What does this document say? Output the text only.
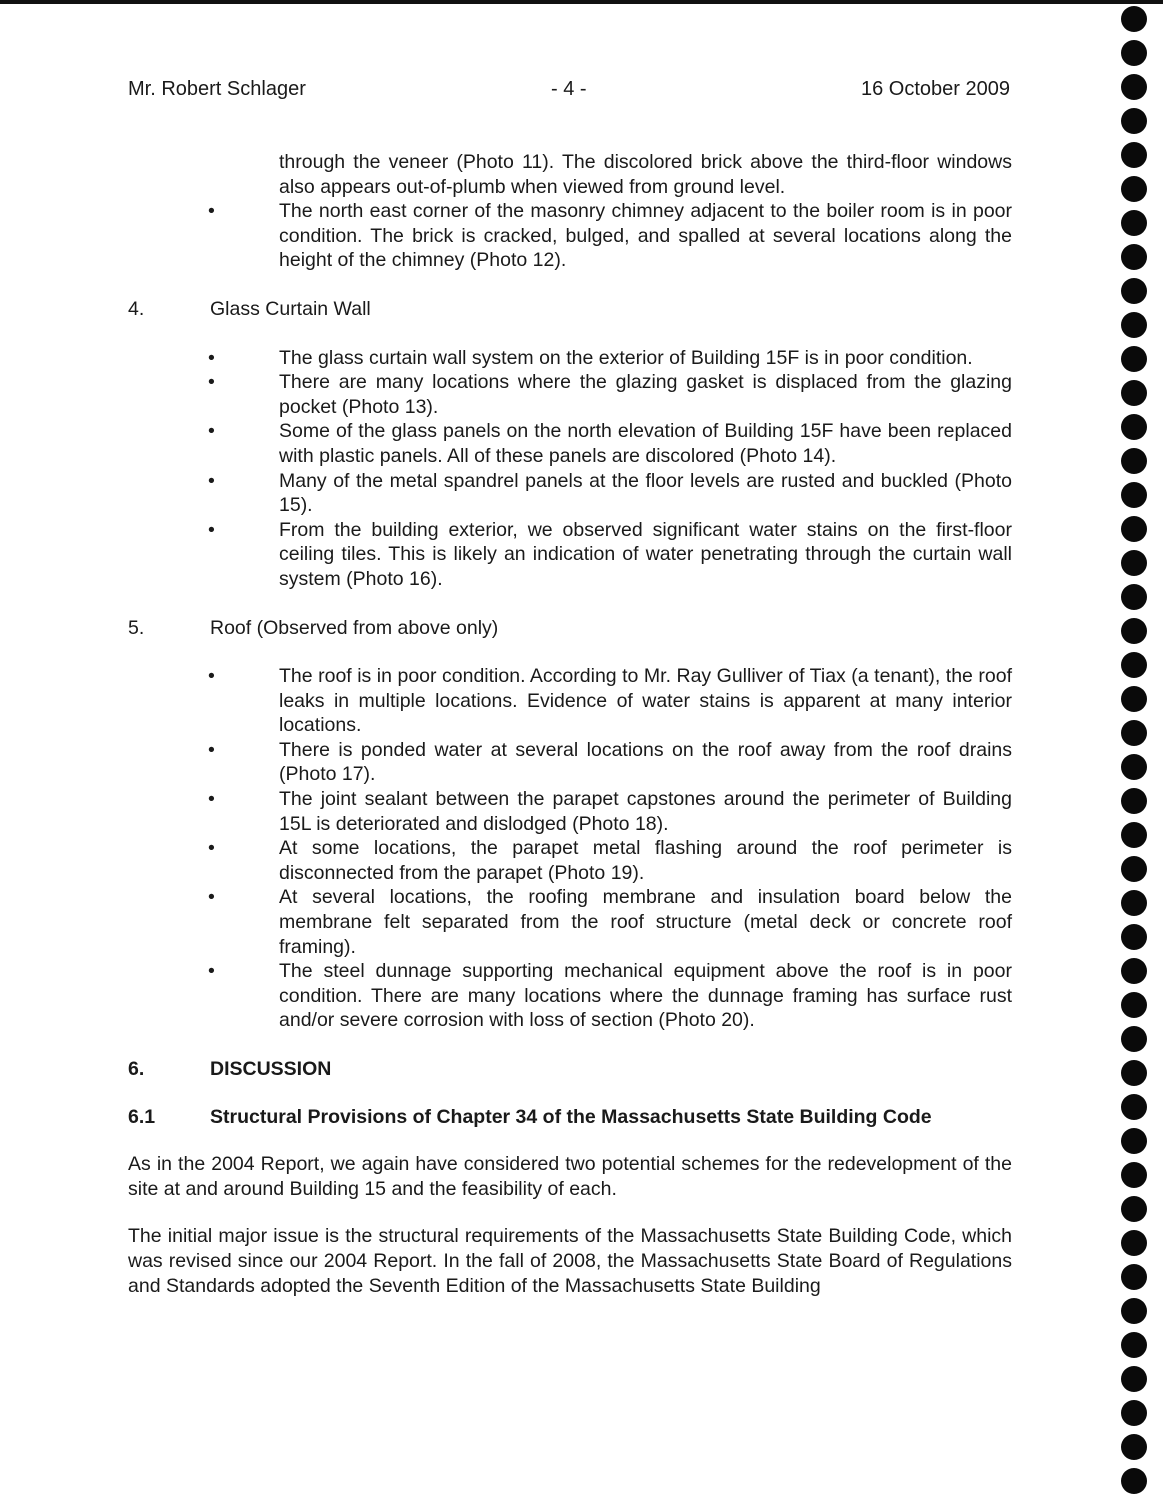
Mr. Robert Schlager	- 4 -	16 October 2009
through the veneer (Photo 11). The discolored brick above the third-floor windows also appears out-of-plumb when viewed from ground level.
•	The north east corner of the masonry chimney adjacent to the boiler room is in poor condition. The brick is cracked, bulged, and spalled at several locations along the height of the chimney (Photo 12).
4.	Glass Curtain Wall
•	The glass curtain wall system on the exterior of Building 15F is in poor condition.
•	There are many locations where the glazing gasket is displaced from the glazing pocket (Photo 13).
•	Some of the glass panels on the north elevation of Building 15F have been replaced with plastic panels. All of these panels are discolored (Photo 14).
•	Many of the metal spandrel panels at the floor levels are rusted and buckled (Photo 15).
•	From the building exterior, we observed significant water stains on the first-floor ceiling tiles. This is likely an indication of water penetrating through the curtain wall system (Photo 16).
5.	Roof (Observed from above only)
•	The roof is in poor condition. According to Mr. Ray Gulliver of Tiax (a tenant), the roof leaks in multiple locations. Evidence of water stains is apparent at many interior locations.
•	There is ponded water at several locations on the roof away from the roof drains (Photo 17).
•	The joint sealant between the parapet capstones around the perimeter of Building 15L is deteriorated and dislodged (Photo 18).
•	At some locations, the parapet metal flashing around the roof perimeter is disconnected from the parapet (Photo 19).
•	At several locations, the roofing membrane and insulation board below the membrane felt separated from the roof structure (metal deck or concrete roof framing).
•	The steel dunnage supporting mechanical equipment above the roof is in poor condition. There are many locations where the dunnage framing has surface rust and/or severe corrosion with loss of section (Photo 20).
6.	DISCUSSION
6.1	Structural Provisions of Chapter 34 of the Massachusetts State Building Code

As in the 2004 Report, we again have considered two potential schemes for the redevelopment of the site at and around Building 15 and the feasibility of each.

The initial major issue is the structural requirements of the Massachusetts State Building Code, which was revised since our 2004 Report. In the fall of 2008, the Massachusetts State Board of Regulations and Standards adopted the Seventh Edition of the Massachusetts State Building
